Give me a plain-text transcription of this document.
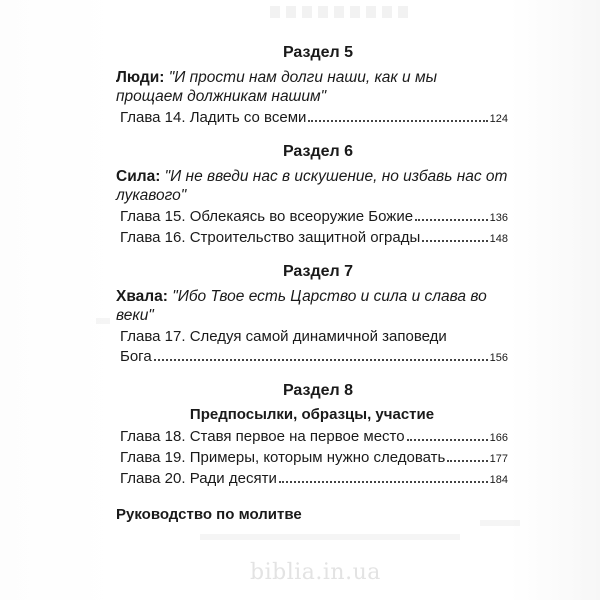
Раздел 5
Люди: "И прости нам долги наши, как и мы прощаем должникам нашим"
Глава 14. Ладить со всеми	124
Раздел 6
Сила: "И не введи нас в искушение, но избавь нас от лукавого"
Глава 15. Облекаясь во всеоружие Божие	136
Глава 16. Строительство защитной ограды	148
Раздел 7
Хвала: "Ибо Твое есть Царство и сила и слава во веки"
Глава 17. Следуя самой динамичной заповеди
Бога	156
Раздел 8
Предпосылки, образцы, участие
Глава 18. Ставя первое на первое место	166
Глава 19. Примеры, которым нужно следовать	177
Глава 20. Ради десяти	184
Руководство по молитве
biblia.in.ua
